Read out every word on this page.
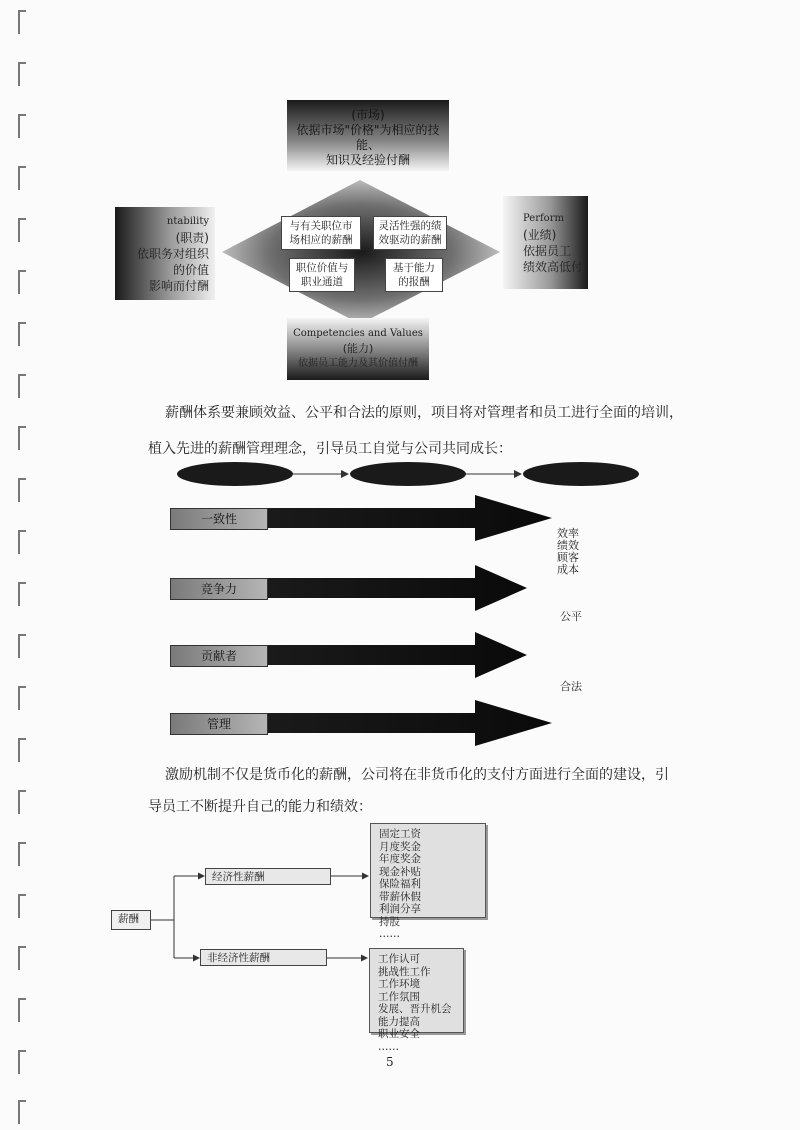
(市场)
依据市场"价格"为相应的技能、
知识及经验付酬
ntability
(职责)
依职务对组织
的价值
影响而付酬
Perform
(业绩)
依据员工
绩效高低付
Competencies and Values
(能力)
依据员工能力及其价值付酬
与有关职位市
场相应的薪酬
灵活性强的绩
效驱动的薪酬
职位价值与
职业通道
基于能力
的报酬
薪酬体系要兼顾效益、公平和合法的原则，项目将对管理者和员工进行全面的培训，
植入先进的薪酬管理理念，引导员工自觉与公司共同成长：
一致性
竞争力
贡献者
管理
效率
绩效
顾客
成本
公平
合法
激励机制不仅是货币化的薪酬，公司将在非货币化的支付方面进行全面的建设，引
导员工不断提升自己的能力和绩效：
薪酬
经济性薪酬
非经济性薪酬
固定工资
月度奖金
年度奖金
现金补贴
保险福利
带薪休假
利润分享
持股
……
工作认可
挑战性工作
工作环境
工作氛围
发展、晋升机会
能力提高
职业安全
……
5
